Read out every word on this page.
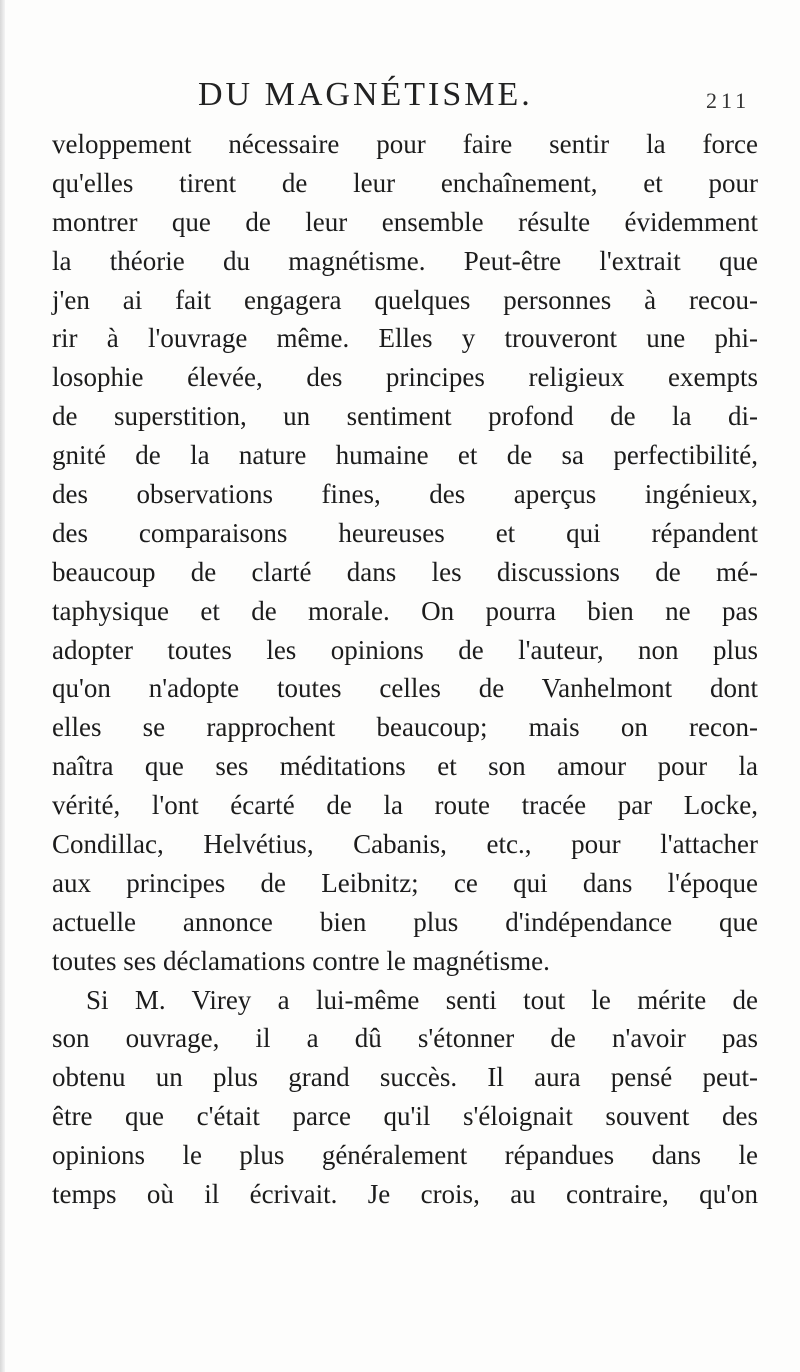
DU MAGNÉTISME.	211
veloppement nécessaire pour faire sentir la force
qu'elles tirent de leur enchaînement, et pour
montrer que de leur ensemble résulte évidemment
la théorie du magnétisme. Peut-être l'extrait que
j'en ai fait engagera quelques personnes à recou-
rir à l'ouvrage même. Elles y trouveront une phi-
losophie élevée, des principes religieux exempts
de superstition, un sentiment profond de la di-
gnité de la nature humaine et de sa perfectibilité,
des observations fines, des aperçus ingénieux,
des comparaisons heureuses et qui répandent
beaucoup de clarté dans les discussions de mé-
taphysique et de morale. On pourra bien ne pas
adopter toutes les opinions de l'auteur, non plus
qu'on n'adopte toutes celles de Vanhelmont dont
elles se rapprochent beaucoup; mais on recon-
naîtra que ses méditations et son amour pour la
vérité, l'ont écarté de la route tracée par Locke,
Condillac, Helvétius, Cabanis, etc., pour l'attacher
aux principes de Leibnitz; ce qui dans l'époque
actuelle annonce bien plus d'indépendance que
toutes ses déclamations contre le magnétisme.
Si M. Virey a lui-même senti tout le mérite de
son ouvrage, il a dû s'étonner de n'avoir pas
obtenu un plus grand succès. Il aura pensé peut-
être que c'était parce qu'il s'éloignait souvent des
opinions le plus généralement répandues dans le
temps où il écrivait. Je crois, au contraire, qu'on
